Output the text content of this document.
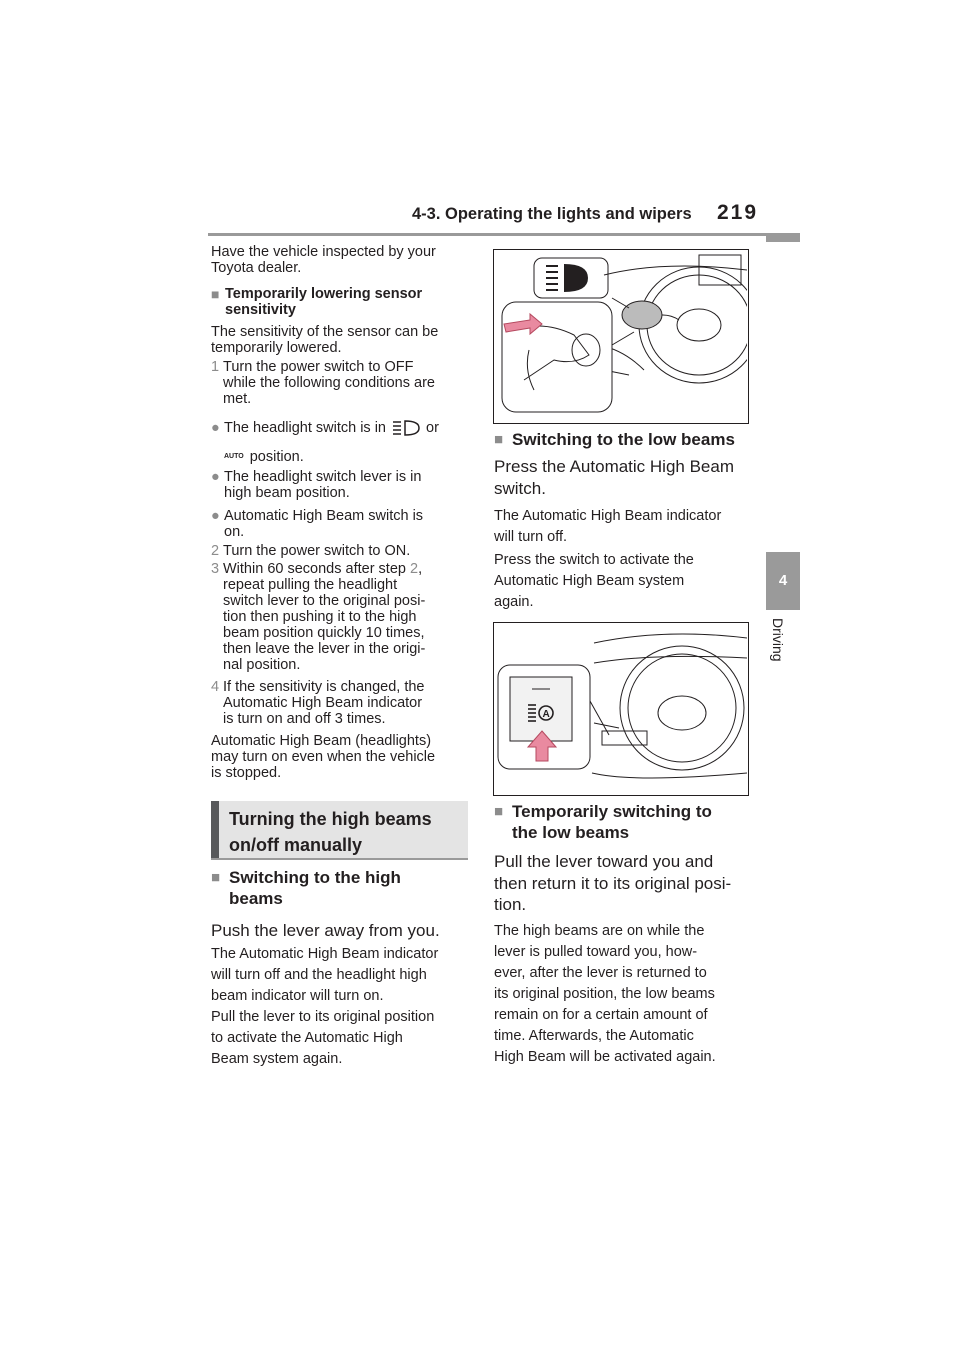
4-3. Operating the lights and wipers 219
4
Driving
Have the vehicle inspected by your
Toyota dealer.
■ Temporarily lowering sensor
sensitivity
The sensitivity of the sensor can be
temporarily lowered.
1 Turn the power switch to OFF
while the following conditions are
met.
● The headlight switch is in	or
AUTO position.
● The headlight switch lever is in
high beam position.
● Automatic High Beam switch is
on.
2 Turn the power switch to ON.
3 Within 60 seconds after step 2,
repeat pulling the headlight
switch lever to the original posi-
tion then pushing it to the high
beam position quickly 10 times,
then leave the lever in the origi-
nal position.
4 If the sensitivity is changed, the
Automatic High Beam indicator
is turn on and off 3 times.
Automatic High Beam (headlights)
may turn on even when the vehicle
is stopped.
Turning the high beams
on/off manually
■ Switching to the high
beams
Push the lever away from you.
The Automatic High Beam indicator
will turn off and the headlight high
beam indicator will turn on.
Pull the lever to its original position
to activate the Automatic High
Beam system again.
■ Switching to the low beams
Press the Automatic High Beam
switch.
The Automatic High Beam indicator
will turn off.
Press the switch to activate the
Automatic High Beam system
again.
A
■ Temporarily switching to
the low beams
Pull the lever toward you and
then return it to its original posi-
tion.
The high beams are on while the
lever is pulled toward you, how-
ever, after the lever is returned to
its original position, the low beams
remain on for a certain amount of
time. Afterwards, the Automatic
High Beam will be activated again.
